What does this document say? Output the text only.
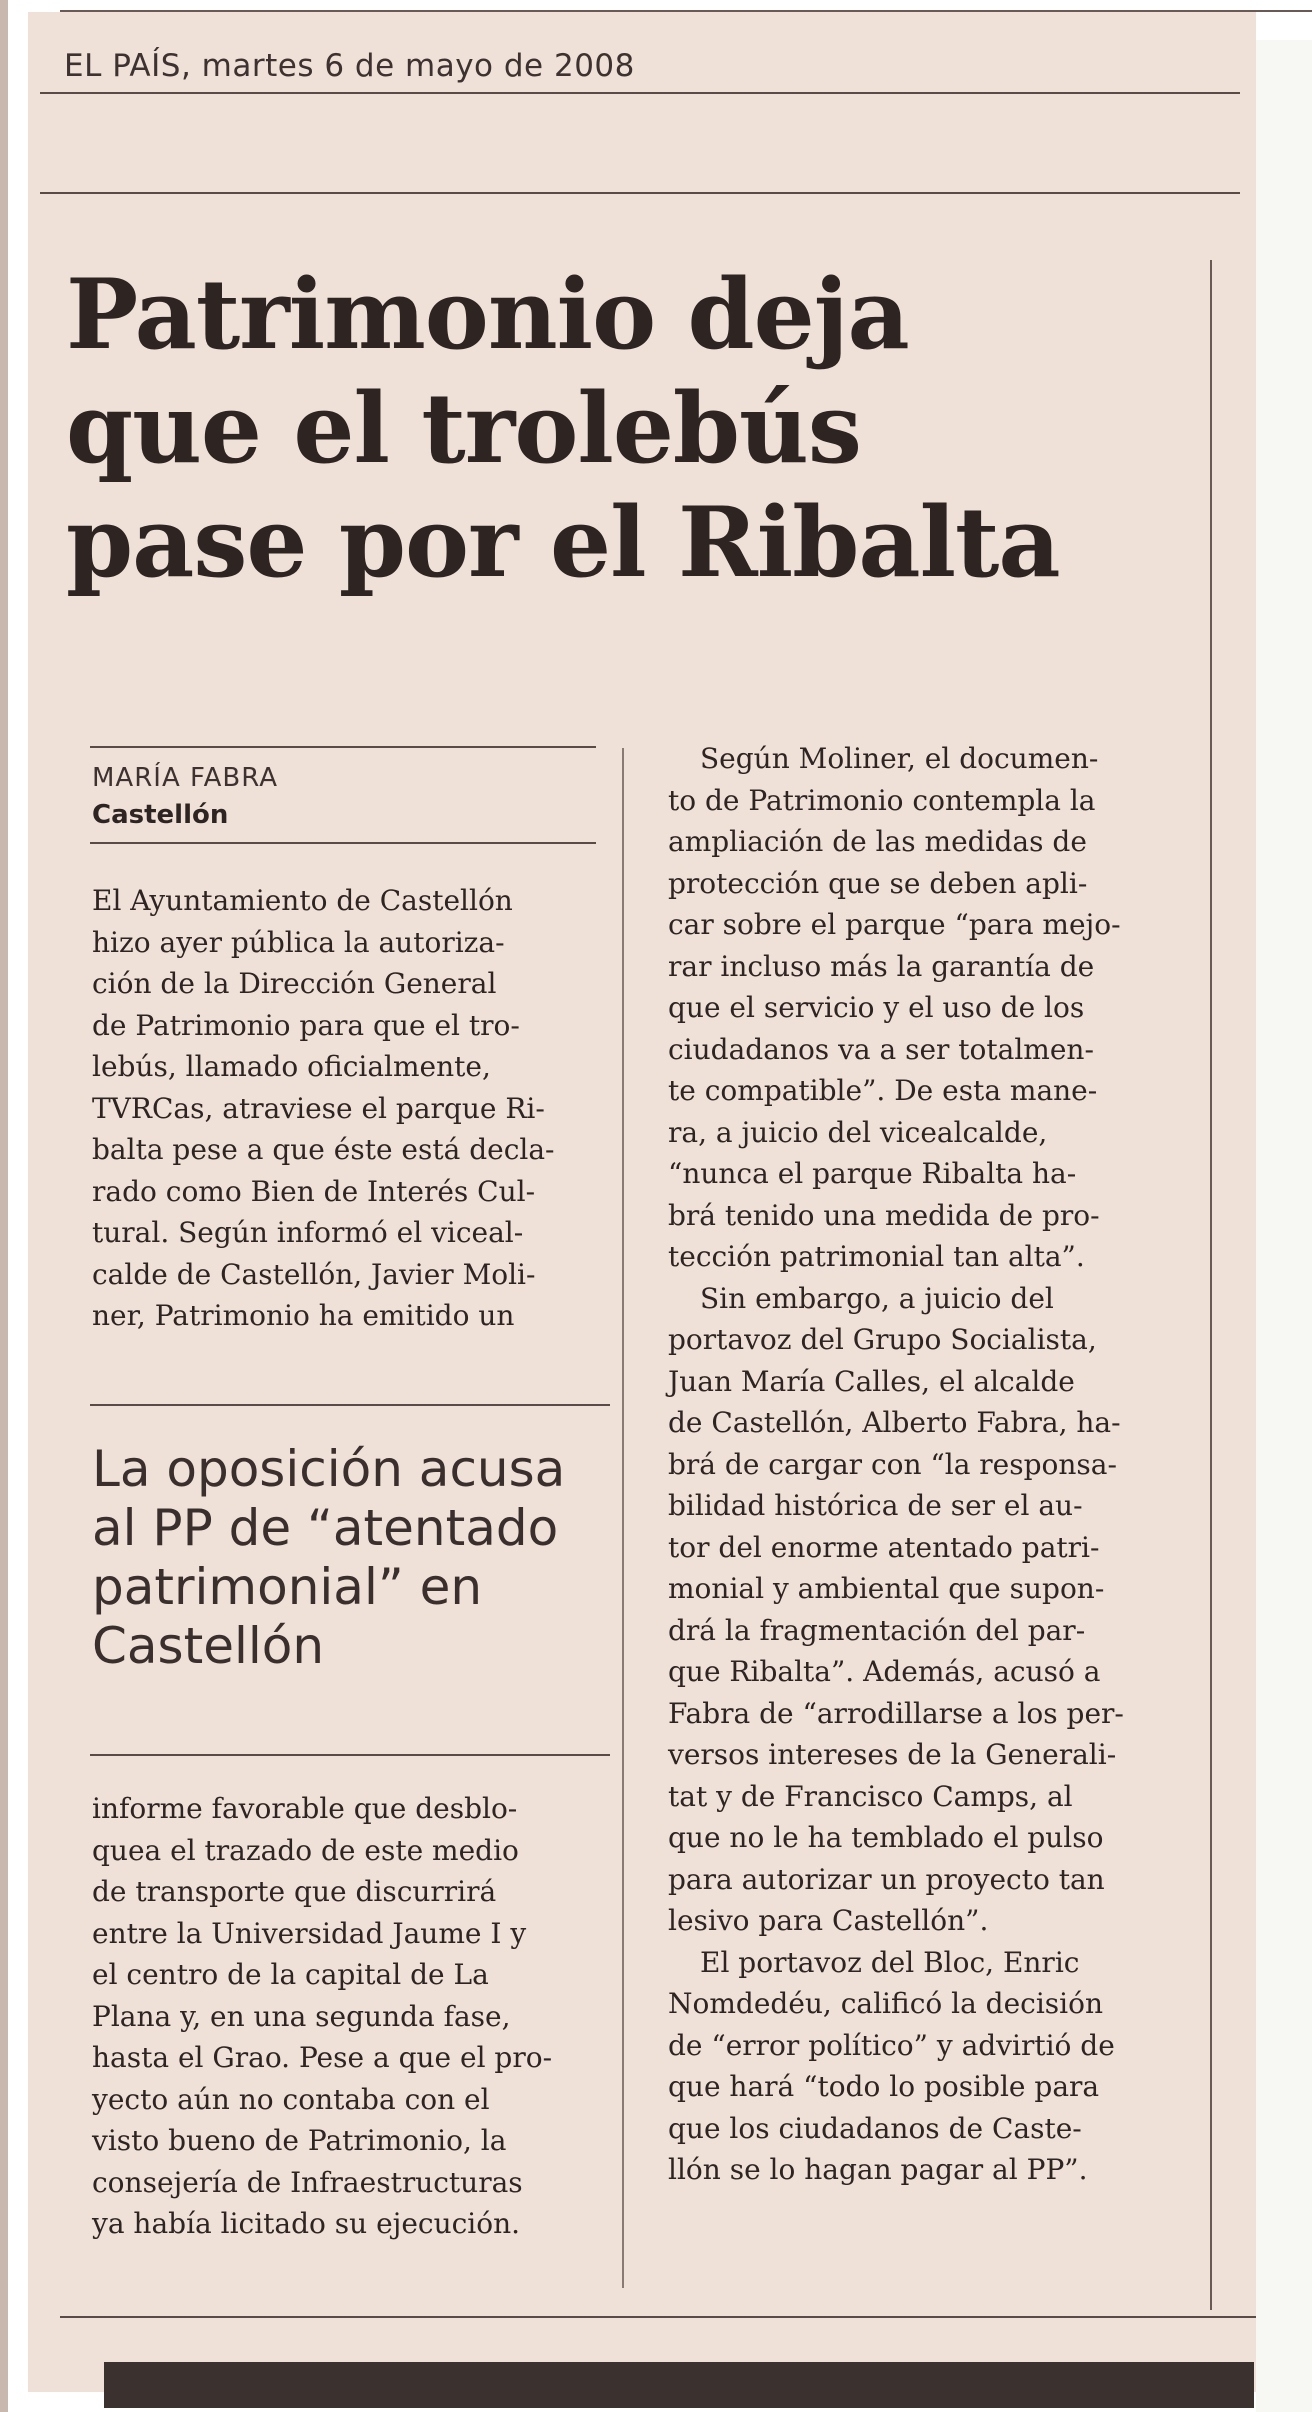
EL PAÍS, martes 6 de mayo de 2008
Patrimonio deja
que el trolebús
pase por el Ribalta
MARÍA FABRA
Castellón
El Ayuntamiento de Castellón
hizo ayer pública la autoriza-
ción de la Dirección General
de Patrimonio para que el tro-
lebús, llamado oficialmente,
TVRCas, atraviese el parque Ri-
balta pese a que éste está decla-
rado como Bien de Interés Cul-
tural. Según informó el viceal-
calde de Castellón, Javier Moli-
ner, Patrimonio ha emitido un
La oposición acusa
al PP de “atentado
patrimonial” en
Castellón
informe favorable que desblo-
quea el trazado de este medio
de transporte que discurrirá
entre la Universidad Jaume I y
el centro de la capital de La
Plana y, en una segunda fase,
hasta el Grao. Pese a que el pro-
yecto aún no contaba con el
visto bueno de Patrimonio, la
consejería de Infraestructuras
ya había licitado su ejecución.
Según Moliner, el documen-
to de Patrimonio contempla la
ampliación de las medidas de
protección que se deben apli-
car sobre el parque “para mejo-
rar incluso más la garantía de
que el servicio y el uso de los
ciudadanos va a ser totalmen-
te compatible”. De esta mane-
ra, a juicio del vicealcalde,
“nunca el parque Ribalta ha-
brá tenido una medida de pro-
tección patrimonial tan alta”.
Sin embargo, a juicio del
portavoz del Grupo Socialista,
Juan María Calles, el alcalde
de Castellón, Alberto Fabra, ha-
brá de cargar con “la responsa-
bilidad histórica de ser el au-
tor del enorme atentado patri-
monial y ambiental que supon-
drá la fragmentación del par-
que Ribalta”. Además, acusó a
Fabra de “arrodillarse a los per-
versos intereses de la Generali-
tat y de Francisco Camps, al
que no le ha temblado el pulso
para autorizar un proyecto tan
lesivo para Castellón”.
El portavoz del Bloc, Enric
Nomdedéu, calificó la decisión
de “error político” y advirtió de
que hará “todo lo posible para
que los ciudadanos de Caste-
llón se lo hagan pagar al PP”.
